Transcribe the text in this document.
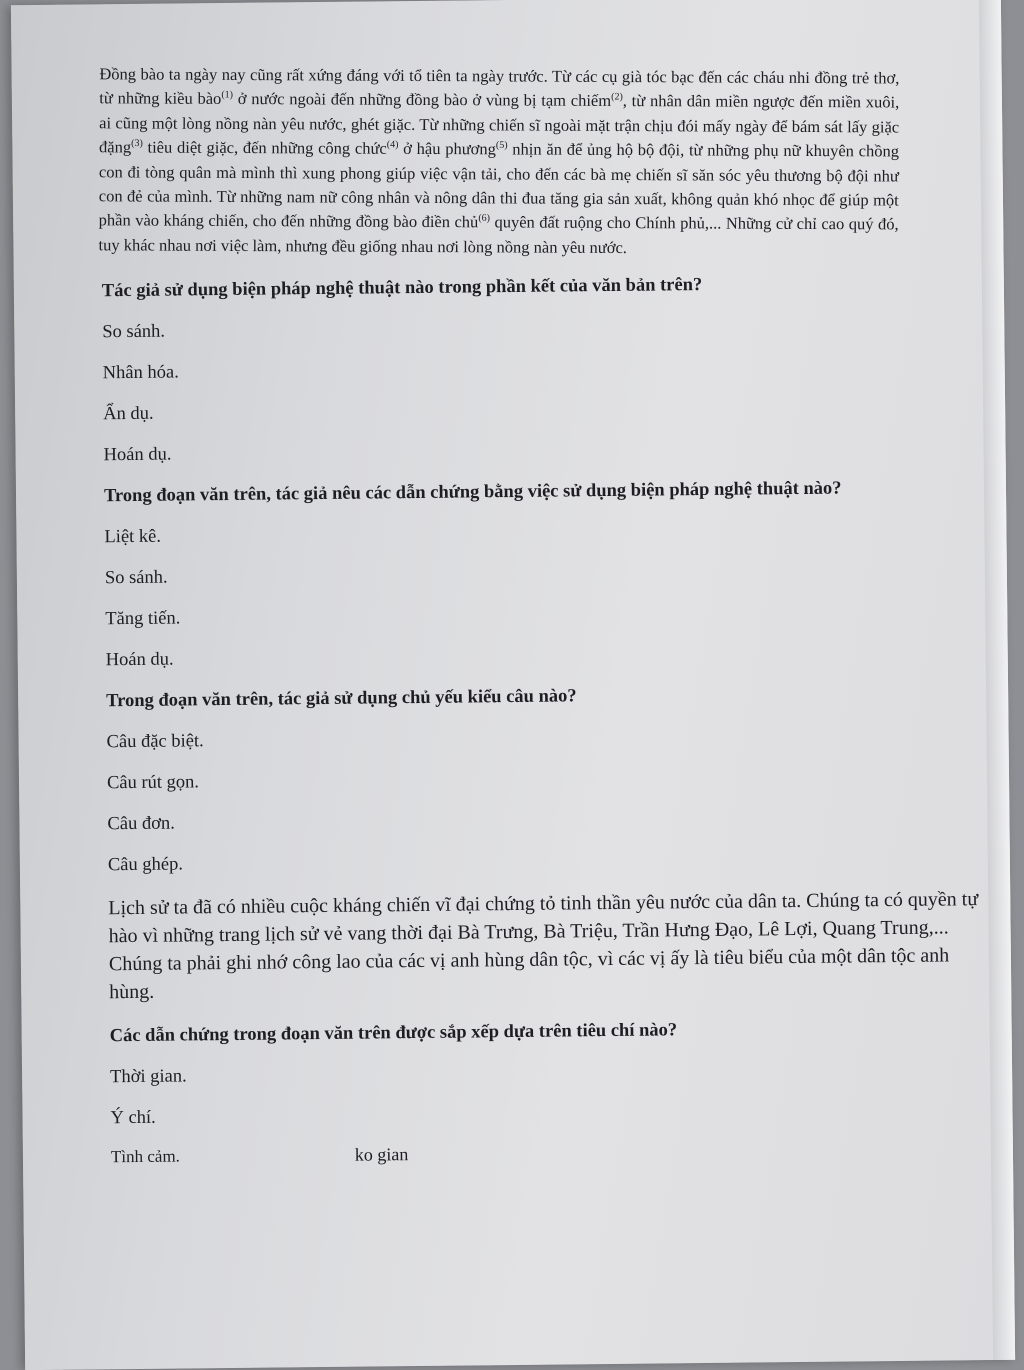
Đồng bào ta ngày nay cũng rất xứng đáng với tổ tiên ta ngày trước. Từ các cụ già tóc bạc đến các cháu nhi đồng trẻ thơ, từ những kiều bào$^{(1)}$ ở nước ngoài đến những đồng bào ở vùng bị tạm chiếm$^{(2)}$, từ nhân dân miền ngược đến miền xuôi, ai cũng một lòng nồng nàn yêu nước, ghét giặc. Từ những chiến sĩ ngoài mặt trận chịu đói mấy ngày để bám sát lấy giặc đặng$^{(3)}$ tiêu diệt giặc, đến những công chức$^{(4)}$ ở hậu phương$^{(5)}$ nhịn ăn để ủng hộ bộ đội, từ những phụ nữ khuyên chồng con đi tòng quân mà mình thì xung phong giúp việc vận tải, cho đến các bà mẹ chiến sĩ săn sóc yêu thương bộ đội như con đẻ của mình. Từ những nam nữ công nhân và nông dân thi đua tăng gia sản xuất, không quản khó nhọc để giúp một phần vào kháng chiến, cho đến những đồng bào điền chủ$^{(6)}$ quyên đất ruộng cho Chính phủ,... Những cử chỉ cao quý đó, tuy khác nhau nơi việc làm, nhưng đều giống nhau nơi lòng nồng nàn yêu nước.

Tác giả sử dụng biện pháp nghệ thuật nào trong phần kết của văn bản trên?

So sánh.

Nhân hóa.

Ẩn dụ.

Hoán dụ.

Trong đoạn văn trên, tác giả nêu các dẫn chứng bằng việc sử dụng biện pháp nghệ thuật nào?

Liệt kê.

So sánh.

Tăng tiến.

Hoán dụ.

Trong đoạn văn trên, tác giả sử dụng chủ yếu kiểu câu nào?

Câu đặc biệt.

Câu rút gọn.

Câu đơn.

Câu ghép.

Lịch sử ta đã có nhiều cuộc kháng chiến vĩ đại chứng tỏ tinh thần yêu nước của dân ta. Chúng ta có quyền tự hào vì những trang lịch sử vẻ vang thời đại Bà Trưng, Bà Triệu, Trần Hưng Đạo, Lê Lợi, Quang Trung,... Chúng ta phải ghi nhớ công lao của các vị anh hùng dân tộc, vì các vị ấy là tiêu biểu của một dân tộc anh hùng.

Các dẫn chứng trong đoạn văn trên được sắp xếp dựa trên tiêu chí nào?

Thời gian.

Ý chí.

Tình cảm.	ko gian
